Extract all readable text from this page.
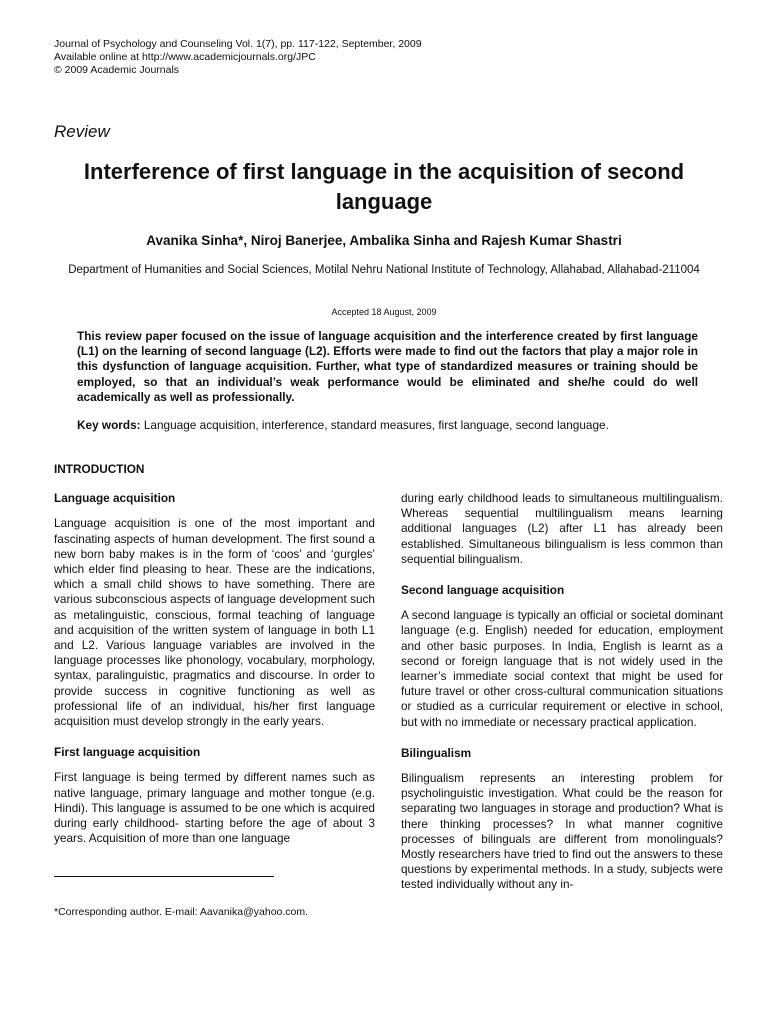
Journal of Psychology and Counseling Vol. 1(7), pp. 117-122, September, 2009
Available online at http://www.academicjournals.org/JPC
© 2009 Academic Journals
Review
Interference of first language in the acquisition of second language
Avanika Sinha*, Niroj Banerjee, Ambalika Sinha and Rajesh Kumar Shastri
Department of Humanities and Social Sciences, Motilal Nehru National Institute of Technology, Allahabad, Allahabad-211004
Accepted 18 August, 2009
This review paper focused on the issue of language acquisition and the interference created by first language (L1) on the learning of second language (L2). Efforts were made to find out the factors that play a major role in this dysfunction of language acquisition. Further, what type of standardized measures or training should be employed, so that an individual’s weak performance would be eliminated and she/he could do well academically as well as professionally.
Key words: Language acquisition, interference, standard measures, first language, second language.
INTRODUCTION
Language acquisition

Language acquisition is one of the most important and fascinating aspects of human development. The first sound a new born baby makes is in the form of ‘coos’ and ‘gurgles’ which elder find pleasing to hear. These are the indications, which a small child shows to have something. There are various subconscious aspects of language development such as metalinguistic, conscious, formal teaching of language and acquisition of the written system of language in both L1 and L2. Various language variables are involved in the language processes like phonology, vocabulary, morphology, syntax, paralinguistic, pragmatics and discourse. In order to provide success in cognitive functioning as well as professional life of an individual, his/her first language acquisition must develop strongly in the early years.

First language acquisition

First language is being termed by different names such as native language, primary language and mother tongue (e.g. Hindi). This language is assumed to be one which is acquired during early childhood- starting before the age of about 3 years. Acquisition of more than one language

during early childhood leads to simultaneous multilingualism. Whereas sequential multilingualism means learning additional languages (L2) after L1 has already been established. Simultaneous bilingualism is less common than sequential bilingualism.

Second language acquisition

A second language is typically an official or societal dominant language (e.g. English) needed for education, employment and other basic purposes. In India, English is learnt as a second or foreign language that is not widely used in the learner’s immediate social context that might be used for future travel or other cross-cultural communication situations or studied as a curricular requirement or elective in school, but with no immediate or necessary practical application.

Bilingualism

Bilingualism represents an interesting problem for psycholinguistic investigation. What could be the reason for separating two languages in storage and production? What is there thinking processes? In what manner cognitive processes of bilinguals are different from monolinguals? Mostly researchers have tried to find out the answers to these questions by experimental methods. In a study, subjects were tested individually without any in-

*Corresponding author. E-mail: Aavanika@yahoo.com.
